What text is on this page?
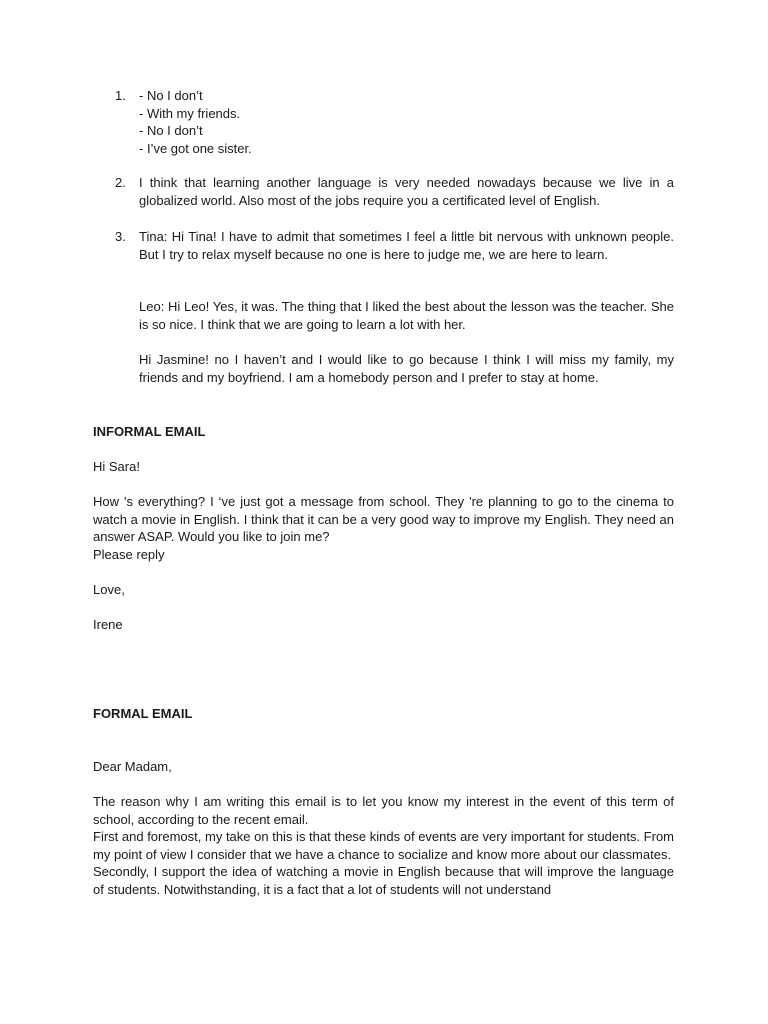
1. - No I don’t
- With my friends.
- No I don’t
- I’ve got one sister.
2. I think that learning another language is very needed nowadays because we live in a globalized world. Also most of the jobs require you a certificated level of English.

3. Tina: Hi Tina! I have to admit that sometimes I feel a little bit nervous with unknown people. But I try to relax myself because no one is here to judge me, we are here to learn.

Leo: Hi Leo! Yes, it was. The thing that I liked the best about the lesson was the teacher. She is so nice. I think that we are going to learn a lot with her.

Hi Jasmine! no I haven’t and I would like to go because I think I will miss my family, my friends and my boyfriend. I am a homebody person and I prefer to stay at home.

INFORMAL EMAIL
Hi Sara!

How 's everything? I ‘ve just got a message from school. They 're planning to go to the cinema to watch a movie in English. I think that it can be a very good way to improve my English. They need an answer ASAP. Would you like to join me?

Please reply
Love,
Irene
FORMAL EMAIL
Dear Madam,

The reason why I am writing this email is to let you know my interest in the event of this term of school, according to the recent email.

First and foremost, my take on this is that these kinds of events are very important for students. From my point of view I consider that we have a chance to socialize and know more about our classmates.

Secondly, I support the idea of watching a movie in English because that will improve the language of students. Notwithstanding, it is a fact that a lot of students will not understand
